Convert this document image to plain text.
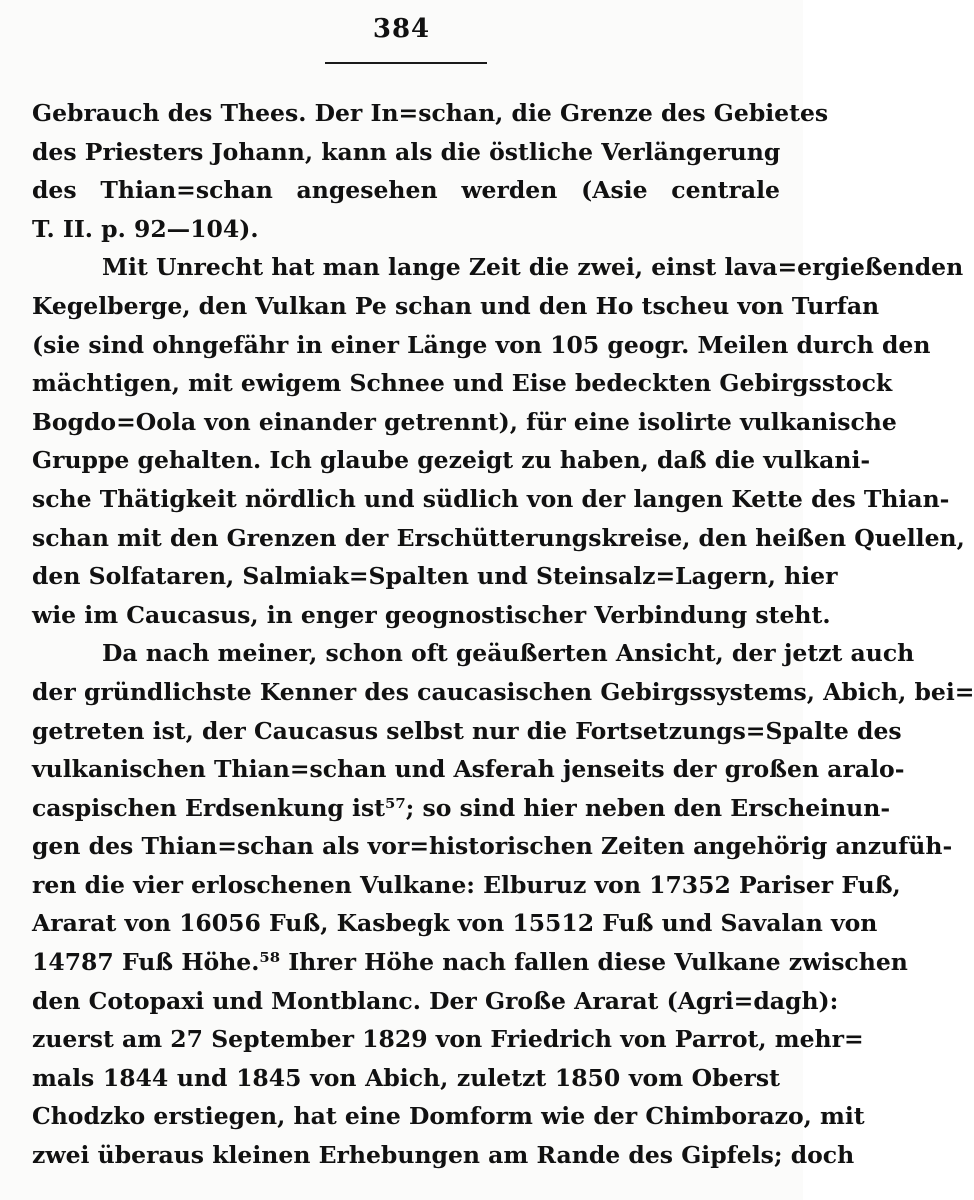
384
Gebrauch des Thees. Der In=schan, die Grenze des Gebietes
des Priesters Johann, kann als die östliche Verlängerung
des Thian=schan angesehen werden (Asie centrale
T. II. p. 92—104).
Mit Unrecht hat man lange Zeit die zwei, einst lava=ergießenden
Kegelberge, den Vulkan Pe schan und den Ho tscheu von Turfan
(sie sind ohngefähr in einer Länge von 105 geogr. Meilen durch den
mächtigen, mit ewigem Schnee und Eise bedeckten Gebirgsstock
Bogdo=Oola von einander getrennt), für eine isolirte vulkanische
Gruppe gehalten. Ich glaube gezeigt zu haben, daß die vulkani-
sche Thätigkeit nördlich und südlich von der langen Kette des Thian-
schan mit den Grenzen der Erschütterungskreise, den heißen Quellen,
den Solfataren, Salmiak=Spalten und Steinsalz=Lagern, hier
wie im Caucasus, in enger geognostischer Verbindung steht.
Da nach meiner, schon oft geäußerten Ansicht, der jetzt auch
der gründlichste Kenner des caucasischen Gebirgssystems, Abich, bei=
getreten ist, der Caucasus selbst nur die Fortsetzungs=Spalte des
vulkanischen Thian=schan und Asferah jenseits der großen aralo-
caspischen Erdsenkung ist⁵⁷; so sind hier neben den Erscheinun-
gen des Thian=schan als vor=historischen Zeiten angehörig anzufüh-
ren die vier erloschenen Vulkane: Elburuz von 17352 Pariser Fuß,
Ararat von 16056 Fuß, Kasbegk von 15512 Fuß und Savalan von
14787 Fuß Höhe.⁵⁸ Ihrer Höhe nach fallen diese Vulkane zwischen
den Cotopaxi und Montblanc. Der Große Ararat (Agri=dagh):
zuerst am 27 September 1829 von Friedrich von Parrot, mehr=
mals 1844 und 1845 von Abich, zuletzt 1850 vom Oberst
Chodzko erstiegen, hat eine Domform wie der Chimborazo, mit
zwei überaus kleinen Erhebungen am Rande des Gipfels; doch
